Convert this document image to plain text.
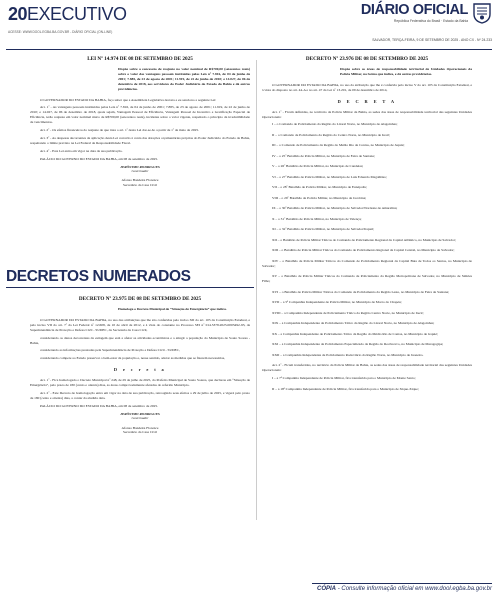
20EXECUTIVO
ACESSE: WWW.DOOL.EGBA.BA.GOV.BR - DIÁRIO OFICIAL (ON-LINE)
DIÁRIO OFICIAL
República Federativa do Brasil · Estado da Bahia
SALVADOR, TERÇA-FEIRA, 9 DE SETEMBRO DE 2025 - ANO CX - Nº 24.233

LEI Nº 14.974 DE 08 DE SETEMBRO DE 2025

Dispõe sobre a concessão de reajuste no valor nominal de R$700,00 (setecentos reais) sobre o valor das vantagens pessoais instituídas pelas Leis nº 7.816, de 04 de junho de 2001; 7.885, de 23 de agosto de 2001; 11.919, de 22 de junho de 2010; e 14.027, de 06 de dezembro de 2018, aos servidores do Poder Judiciário do Estado da Bahia e dá outras providências.

O GOVERNADOR DO ESTADO DA BAHIA, faço saber que a Assembleia Legislativa decreta e eu sanciono a seguinte Lei:

Art. 1º - As vantagens pessoais instituídas pelas Leis nº 7.816, de 04 de junho de 2001; 7.885, de 23 de agosto de 2001; 11.919, de 22 de junho de 2010; e 14.027, de 06 de dezembro de 2018, quais sejam, Vantagem Pessoal de Eficiência, Vantagem Pessoal de Incentivo e Gratificação Especial de Eficiência, terão reajuste em valor nominal único de R$700,00 (setecentos reais), incidente sobre o valor vigente, respeitado o princípio da irredutibilidade de vencimentos.

Art. 2º - Os efeitos financeiros do reajuste de que trata o art. 1º desta Lei dar-se-ão a partir de 1º de maio de 2025.

Art. 3º - As despesas decorrentes da aplicação desta Lei correrão à conta das dotações orçamentárias próprias do Poder Judiciário do Estado da Bahia, respeitando o limite previsto na Lei Federal de Responsabilidade Fiscal.

Art. 4º - Esta Lei entra em vigor na data da sua publicação.

PALÁCIO DO GOVERNO DO ESTADO DA BAHIA, em 08 de setembro de 2025.

JERÔNIMO RODRIGUES
Governador

Afonso Bandeira Florence
Secretário da Casa Civil
DECRETOS NUMERADOS

DECRETO Nº 23.975 DE 08 DE SETEMBRO DE 2025

Homologa o Decreto Municipal de “Situação de Emergência” que indica.

O GOVERNADOR DO ESTADO DA BAHIA, no uso das atribuições que lhe são conferidas pelo inciso XII do art. 105 da Constituição Estadual, e pelo inciso VII do art. 7º da Lei Federal nº 12.608, de 10 de abril de 2012, e à vista do constante no Processo SEI nº 014.5378.2025.0003492-93, da Superintendência de Proteção e Defesa Civil - SUDEC, da Secretaria da Casa Civil,

considerando os danos decorrentes da estiagem que está a afetar as atividades econômicas e a atingir a população do Município de Souto Soares - Bahia,

considerando as informações prestadas pela Superintendência de Proteção e Defesa Civil - SUDEC,

considerando compete ao Estado preservar o bem-estar da população e, nesse sentido, adotar as medidas que se fizerem necessárias,

D e c r e t a

Art. 1º - Fica homologado o Decreto Municipal nº 248, de 29 de julho de 2025, do Prefeito Municipal de Souto Soares, que declarou em “Situação de Emergência”, pelo prazo de 180 (cento e oitenta) dias, as áreas comprovadamente afetadas do referido Município.

Art. 2º - Este Decreto de homologação entra em vigor na data de sua publicação, retroagindo seus efeitos a 29 de julho de 2025, e vigerá pelo prazo de 180 (cento e oitenta) dias, a contar da aludida data.

PALÁCIO DO GOVERNO DO ESTADO DA BAHIA, em 08 de setembro de 2025.

JERÔNIMO RODRIGUES
Governador

Afonso Bandeira Florence
Secretário da Casa Civil

DECRETO Nº 23.976 DE 08 DE SETEMBRO DE 2025

Dispõe sobre as áreas de responsabilidade territorial de Unidades Operacionais da Polícia Militar, na forma que indica, e dá outras providências.

O GOVERNADOR DO ESTADO DA BAHIA, no uso da atribuição que lhe é conferida pelo inciso V do art. 105 da Constituição Estadual, e à vista do disposto no art. 44-A e no art. 47 da Lei nº 13.201, de 09 de dezembro de 2014,

D E C R E T A

Art. 1º - Ficam definidas, no território da Polícia Militar da Bahia, as sedes das áreas de responsabilidade territorial das seguintes Unidades Operacionais:

I – o Comando de Policiamento da Região do Litoral Norte, no Município de Alagoinhas;

II – o Comando de Policiamento da Região do Centro Norte, no Município de Irecê;

III – o Comando de Policiamento da Região do Médio Rio de Contas, no Município de Jequié;

IV – o 25º Batalhão de Polícia Militar, no Município de Feira de Santana;

V – o 26º Batalhão de Polícia Militar, no Município de Candeias;

VI – o 27º Batalhão de Polícia Militar, no Município de Luís Eduardo Magalhães;

VII – o 28º Batalhão de Polícia Militar, no Município de Eunápolis;

VIII – o 29º Batalhão de Polícia Militar, no Município de Jacobina;

IX – o 30º Batalhão de Polícia Militar, no Município de Salvador/Nordeste de Amaralina;

X – o 31º Batalhão de Polícia Militar, no Município de Valença;

XI – o 32º Batalhão de Polícia Militar, no Município de Salvador/Itapuã;

XII – o Batalhão de Polícia Militar Táticos do Comando de Policiamento Regional da Capital Atlântico, no Município de Salvador;

XIII – o Batalhão de Polícia Militar Táticos do Comando de Policiamento Regional da Capital Central, no Município de Salvador;

XIV – o Batalhão de Polícia Militar Táticos do Comando de Policiamento Regional da Capital Baía de Todos os Santos, no Município de Salvador;

XV – o Batalhão de Polícia Militar Táticos do Comando de Policiamento da Região Metropolitana de Salvador, no Município de Simões Filho;

XVI – o Batalhão de Polícia Militar Táticos do Comando de Policiamento da Região Leste, no Município de Feira de Santana;

XVII – a 5ª Companhia Independente de Polícia Militar, no Município de Morro do Chapéu;

XVIII – a Companhia Independente de Policiamento Tático da Região Centro Norte, no Município de Irecê;

XIX – a Companhia Independente de Policiamento Tático da Região do Litoral Norte, no Município de Alagoinhas;

XX – a Companhia Independente de Policiamento Tático da Região do Médio Rio de Contas, no Município de Jequié;

XXI – a Companhia Independente de Policiamento Especializado da Região do Recôncavo, no Município de Maragogipe;

XXII – a Companhia Independente de Policiamento Rodoviário da Região Norte, no Município de Juazeiro.

Art. 2º - Ficam transferidas, no território da Polícia Militar da Bahia, as sedes das áreas de responsabilidade territorial das seguintes Unidades Operacionais:

I – a 7ª Companhia Independente de Polícia Militar, fica transferida para o Município de Monte Santo;

II – a 18ª Companhia Independente de Polícia Militar, fica transferida para o Município de Xique-Xique;

CÓPIA - Consulte informação oficial em www.dool.egba.ba.gov.br
